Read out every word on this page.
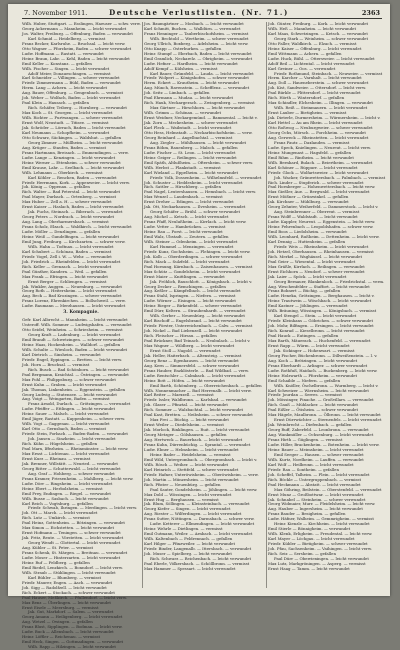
7. November 1911.	Deutsche Verlustlisten. (Nr. 71.)	2363
Wilh. Huber, Stuttgart. — Esslingen, Haeuser — schw. verw.
Georg Ackermann — Mannheim. — leicht verwundet
Jos. Walter, Freiburg. — Offenburg, Baden — verwundet
Karl Schmid — Heidelberg. — vermisst
Franz Becker, Karlsruhe. — Bruchsal. — leicht verw.
Otto Wagner — Pforzheim, Baden — schwer verwundet
Ludw. Hoffmann — Rastatt. — verwundet
Heinr. Braun, Lahr. — Kehl, Baden — leicht verwundet
Emil Keller — Konstanz. — gefallen
Wilh. Fischer — Singen. — leicht verwundet
Adolf Meier, Donaueschingen. — vermisst
Karl Schneider — Villingen. — schwer verwundet
Friedr. Zimmermann — Bühl, Baden — verwundet
Herm. Lang — Achern. — leicht verwundet
Aug. Bauer, Offenburg. — Gengenbach. — vermisst
Joh. Weber — Wolfach, Baden — leicht verwundet
Paul Klein — Hausach. — gefallen
Rich. Schäfer, Triberg. — Hornberg. — verwundet
Max Koch — St. Georgen. — leicht verwundet
Wilh. Richter — Furtwangen. — schwer verwundet
Ernst Wolf, Neustadt. — Titisee. — vermisst
Jak. Schröder — Lörrach, Baden — leicht verwundet
Karl Neumann — Schopfheim. — verwundet
Otto Schwarz, Säckingen. — Waldshut. — gefallen
Georg Zimmer — Müllheim. — leicht verwundet
Aug. Krüger — Staufen, Baden — vermisst
Franz Hartmann, Breisach. — Emmendingen. — verw.
Ludw. Lange — Kenzingen. — leicht verwundet
Heinr. Werner — Ettenheim. — schwer verwundet
Emil Krause, Lahr. — Seelbach. — leicht verwundet
Wilh. Lehmann — Oberkirch. — vermisst
Karl Köhler — Renchen, Baden — verwundet
Friedr. Herrmann, Kork. — Appenweier. — leicht verw.
Joh. König — Oppenau. — gefallen
Rich. Walter — Bad Peterstal. — leicht verwundet
Paul Mayer, Durbach. — Ortenberg. — vermisst
Max Huber — Zell a. H. — schwer verwundet
Ernst Kaiser — Haslach, Baden — leicht verwundet
Jak. Fuchs, Steinach. — Biberach. — verwundet
Georg Peters — Nordrach. — leicht verwundet
Aug. Lang — Oberharmersbach. — vermisst
Franz Scholz, Elzach. — Waldkirch. — leicht verwundet
Ludw. Möller — Denzlingen. — gefallen
Heinr. Weiß — Gundelfingen. — leicht verwundet
Emil Jung, Freiburg. — Kirchzarten. — schwer verw.
Wilh. Hahn — Todtnau. — leicht verwundet
Karl Schubert — Schönau, Baden — vermisst
Friedr. Vogel, Zell i. W. — Wehr. — verwundet
Joh. Friedrich — Rheinfelden. — leicht verwundet
Rich. Keller — Grenzach. — leicht verwundet
Paul Günther, Kandern. — Weil. — gefallen
Max Frank — Efringen. — leicht verwundet
Ernst Berger — Schliengen. — vermisst
Jak. Winkler, Auggen. — Neuenburg. — verwundet
Georg Roth — Heitersheim. — leicht verwundet
Aug. Beck — Bad Krozingen. — schwer verwundet
Franz Lorenz, Ehrenkirchen. — Bollschweil. — verw.
Ludw. Baumann — Merzhausen. — leicht verwundet
3. Kompagnie.
Gefr. Karl Albrecht — Mannheim. — leicht verwundet
Unteroff. Wilh. Sommer — Ludwigshafen. — verwundet
Otto Seidel, Weinheim. — Schriesheim. — vermisst
Georg Kraft — Ladenburg. — leicht verwundet
Emil Brandt — Schwetzingen. — schwer verwundet
Heinr. Haas, Hockenheim. — Walldorf. — gefallen
Wilh. Schulte — Wiesloch, Baden — leicht verwundet
Karl Dietrich — Sinsheim. — verwundet
Friedr. Engel, Eppingen. — Bretten. — leicht verw.
Joh. Horn — Bruchsal. — vermisst
Rich. Busch — Bad Schönborn. — leicht verwundet
Paul Bergmann, Kraichtal. — Östringen. — verwundet
Max Pohl — Philippsburg. — schwer verwundet
Ernst Kuhn — Graben. — leicht verwundet
Jak. Thomas, Linkenheim. — Eggenstein. — gefallen
Georg Ludwig — Stutensee. — leicht verwundet
Aug. Voigt — Weingarten, Baden — vermisst
Franz Arnold, Durlach. — Grötzingen. — verwundet
Ludw. Pfeiffer — Ettlingen. — leicht verwundet
Heinr. Sauer — Malsch. — leicht verwundet
Emil Jäger, Rastatt. — Kuppenheim. — schwer verw.
Wilh. Vogt — Gaggenau. — leicht verwundet
Karl Otto — Gernsbach, Baden — vermisst
Friedr. Stein, Forbach. — Baden-Baden. — verwundet
Joh. Jansen — Sinzheim. — leicht verwundet
Rich. Kühn — Hügelsheim. — gefallen
Paul Marx, Iffezheim. — Rheinmünster. — leicht verw.
Max Ernst — Lichtenau. — leicht verwundet
Ernst Kurz — Rheinau. — vermisst
Jak. Brenner, Willstätt. — Neuried. — verwundet
Georg Ritter — Schutterwald. — leicht verwundet
Aug. Graf — Hohberg. — schwer verwundet
Franz Kramer, Friesenheim. — Mahlberg. — leicht verw.
Ludw. Dörr — Ringsheim. — leicht verwundet
Heinr. Ebert — Herbolzheim. — vermisst
Emil Frey, Endingen. — Riegel. — verwundet
Wilh. Busse — Sasbach. — leicht verwundet
Karl Reich — Vogtsburg. — gefallen
Friedr. Schwab, Ihringen. — Merdingen. — leicht verw.
Joh. Ott — March. — leicht verwundet
Rich. Lutz — Umkirch. — vermisst
Paul Heinz, Gottenheim. — Bötzingen. — verwundet
Max Simon — Eichstetten. — leicht verwundet
Ernst Hofmann — Teningen. — schwer verwundet
Jak. Fritz, Reute. — Vörstetten. — leicht verwundet
Georg Wendt — Glottertal. — leicht verwundet
Aug. Kübler — St. Peter. — vermisst
Franz Schenk, St. Märgen. — Breitnau. — verwundet
Ludw. Moser — Hinterzarten. — leicht verwundet
Heinr. Ruf — Feldberg. — gefallen
Emil Riedel, Lenzkirch. — Bonndorf. — leicht verw.
Wilh. Straub — Stühlingen. — leicht verwundet
Karl Bühler — Blumberg. — vermisst
Friedr. Maurer, Engen. — Aach. — verwundet
Joh. Sigg — Radolfzell. — leicht verwundet
Rich. Eckert — Stockach. — schwer verwundet
Paul Hauser, Meßkirch. — Pfullendorf. — leicht verw.
Max Benz — Überlingen. — leicht verwundet
Ernst Eisele — Meersburg. — vermisst
Jak. Gut, Markdorf. — Salem. — verwundet
Georg Amann — Heiligenberg. — leicht verwundet
Aug. Wetzel — Owingen. — gefallen
Franz Blust, Sipplingen. — Bodman. — leicht verw.
Ludw. Buck — Allensbach. — leicht verwundet
Heinr. Löffler — Reichenau. — vermisst
Emil Heck, Singen. — Gottmadingen. — verwundet
Wilh. Rapp — Hilzingen. — leicht verwundet
Jos. Baumgärtner — Mosbach. — leicht verwundet
Karl Schmitt, Buchen. — Walldürn. — verwundet
Franz Henninger — Tauberbischofsheim. — vermisst
Wilh. Bechtold — Wertheim. — schwer verwundet
Georg Ullrich, Boxberg. — Adelsheim. — leicht verw.
Otto Knapp — Osterburken. — gefallen
Heinr. Stumpf — Eberbach, Baden — leicht verwundet
Emil Gramlich, Neckarelz. — Obrigheim. — verwundet
Ludw. Hefner — Hardheim. — leicht verwundet
Adolf Kempf — Külsheim. — vermisst
Karl Bauer, Grünsfeld. — Lauda. — leicht verwundet
Friedr. Wolpert — Königshofen. — schwer verwundet
Herm. Eckert — Krautheim. — leicht verwundet
Aug. Münch, Ravenstein. — Schefflenz. — verwundet
Joh. Seitz — Limbach. — gefallen
Paul Ehrmann — Mudau. — leicht verwundet
Rich. Hauk, Neckargerach. — Zwingenberg. — vermisst
Max Gärtner — Hirschhorn. — leicht verwundet
Wilh. Grimm — Schönau. — verwundet
Ernst Weidner, Neckargemünd. — Bammental. — leicht v.
Jak. Zorn — Meckesheim. — schwer verwundet
Karl Fleck — Waibstadt. — leicht verwundet
Otto Hess, Helmstadt. — Neckarbischofsheim. — verw.
Georg Reinhard — Angelbachtal. — vermisst
Aug. Ziegler — Mühlhausen. — leicht verwundet
Franz Böhm, Rauenberg. — Malsch. — gefallen
Ludw. Fischer — St. Leon. — leicht verwundet
Heinr. Geiger — Reilingen. — leicht verwundet
Emil Späth, Altlußheim. — Oftersheim. — schwer verw.
Wilh. Herbst — Plankstadt. — vermisst
Karl Wieland — Eppelheim. — leicht verwundet
Friedr. Volk, Dossenheim. — Wilhelmsfeld. — verwundet
Joh. Schuster — Heddesheim. — leicht verwundet
Rich. Sattler — Hirschberg. — gefallen
Paul Nagel, Leutershausen. — Hemsbach. — leicht verw.
Max Wenzel — Laudenbach. — vermisst
Ernst Dreher — Edingen. — leicht verwundet
Jak. Ott, Neckarhausen. — Ilvesheim. — verwundet
Georg Schäfer — Brühl. — schwer verwundet
Aug. Michel — Ketsch. — leicht verwundet
Franz Pfaff, Neulußheim. — Kirrlach. — leicht verw.
Ludw. Vetter — Hambrücken. — vermisst
Heinr. Rau — Forst. — leicht verwundet
Emil Walz, Ubstadt. — Zeutern. — gefallen
Wilh. Steiner — Odenheim. — leicht verwundet
Karl Hummel — Menzingen. — verwundet
Friedr. Kunz, Gochsheim. — Flehingen. — leicht verw.
Joh. Kolb — Oberderdingen. — schwer verwundet
Rich. Mack — Sulzfeld. — leicht verwundet
Paul Hornung, Kürnbach. — Zaisenhausen. — vermisst
Max Schütz — Gondelsheim. — leicht verwundet
Ernst Maier — Knittlingen. — verwundet
Jak. Fröhlich, Bauschlott. — Königsbach. — leicht v.
Georg Decker — Remchingen. — gefallen
Aug. Keßler — Kämpfelbach. — leicht verwundet
Franz Stahl, Ispringen. — Niefern. — vermisst
Ludw. Wörner — Eisingen. — leicht verwundet
Heinr. Rieger — Birkenfeld. — schwer verwundet
Emil Dürr, Keltern. — Straubenhardt. — verwundet
Wilh. Gerber — Neuenbürg. — leicht verwundet
Karl Bischoff — Engelsbrand. — leicht verwundet
Friedr. Förster, Unterreichenbach. — Calw. — vermisst
Joh. Nickel — Bad Liebenzell. — leicht verwundet
Rich. Fleischer — Hirsau. — gefallen
Paul Brückner, Bad Teinach. — Neubulach. — leicht v.
Max Wagner — Wildberg. — leicht verwundet
Ernst Stoll — Nagold. — verwundet
Jak. Heller, Haiterbach. — Altensteig. — vermisst
Georg Renz — Egenhausen. — leicht verwundet
Aug. Kern — Simmersfeld. — schwer verwundet
Franz Hauber, Enzklösterle. — Bad Wildbad. — verw.
Ludw. Rentschler — Calmbach. — leicht verwundet
Heinr. Bott — Höfen. — leicht verwundet
Emil Barth, Schömberg. — Oberreichenbach. — gefallen
Wilh. Nonnenmacher — Bad Herrenalb. — leicht verw.
Karl Reiter — Marxzell. — vermisst
Friedr. Issler, Waldbronn. — Karlsbad. — verwundet
Joh. Glaser — Pfinztal. — leicht verwundet
Rich. Sommer — Walzbachtal. — leicht verwundet
Paul Kast, Bretten. — Neibsheim. — schwer verwundet
Max Frei — Büchig. — leicht verwundet
Ernst Weiler — Diedelsheim. — vermisst
Jak. Morlock, Rinklingen. — Ruit. — leicht verwundet
Georg Metzger — Gölshausen. — gefallen
Aug. Hertweck — Bauerbach. — leicht verwundet
Franz Kuhn, Dürrenbüchig. — Sprantal. — verwundet
Ludw. Ebner — Helmsheim. — leicht verwundet
Heinr. Bader — Heidelsheim. — vermisst
Emil Wild, Untergrombach. — Obergrombach. — leicht v.
Wilh. Rösch — Weiher. — leicht verwundet
Karl Heinrich — Stettfeld. — schwer verwundet
Friedr. Hafner, Unteröwisheim. — Oberöwisheim. — verw.
Joh. Martin — Münzesheim. — leicht verwundet
Rich. Pfister — Neuenbürg. — gefallen
Paul Sauter, Gondelsheim. — Jöhlingen. — leicht verw.
Max Dold — Wössingen. — leicht verwundet
Ernst Hug — Berghausen. — vermisst
Jak. Blum, Söllingen. — Kleinsteinbach. — verwundet
Georg Kiefer — Singen. — leicht verwundet
Aug. Riester — Wilferdingen. — leicht verwundet
Franz Sutter, Nöttingen. — Darmsbach. — schwer verw.
Ludw. Ketterer — Ellmendingen. — leicht verwundet
Heinr. Wehrle — Dietlingen. — vermisst
Emil Gutmann, Weiler. — Arnbach. — leicht verwundet
Wilh. Kaltenbach — Feldrennach. — gefallen
Karl Hilger — Pfinzweiler. — leicht verwundet
Friedr. Binder, Langenalb. — Ittersbach. — verwundet
Joh. Muser — Spielberg. — leicht verwundet
Rich. Schwarz — Reichenbach. — leicht verwundet
Paul Eberle, Völkersbach. — Schöllbronn. — vermisst
Max Hammer — Spessart. — leicht verwundet
Joh. Günter, Freiburg. — Kork. — leicht verwundet
Wilh. Heß — Mannheim. — leicht verwundet
Karl Maas, Schwetzingen. — Ketsch. — verwundet
Georg Stark — Weinheim. — schwer verwundet
Otto Faller, Waldkirch. — Elzach. — vermisst
Heinr. Kaiser — Offenburg. — leicht verwundet
Emil Wittmann — Achern. — gefallen
Ludw. Huck, Bühl. — Ottersweier. — leicht verwundet
Adolf Beil — Lichtental. — leicht verwundet
Karl Greiner — Oos. — verwundet
Friedr. Rothmund, Steinbach. — Neuweier. — vermisst
Herm. Karcher — Varnhalt. — leicht verwundet
Aug. Doll — Haueneberstein. — schwer verwundet
Joh. Kist, Sandweier. — Ottersdorf. — leicht verw.
Paul Bürkle — Plittersdorf. — leicht verwundet
Rich. Hörth — Wintersdorf. — gefallen
Max Schindler, Elchesheim. — Illingen. — verwundet
Wilh. Reiß — Steinmauern. — leicht verwundet
Ernst Lauber — Bietigheim. — vermisst
Jak. Dieterle, Durmersheim. — Würmersheim. — leicht v.
Karl Hettel — Au am Rhein. — leicht verwundet
Otto Roßwog — Neuburgweier. — schwer verwundet
Georg Ochs, Mörsch. — Forchheim. — verwundet
Aug. Gerweck — Rheinstetten. — leicht verwundet
Franz Fautz — Daxlanden. — vermisst
Ludw. Speck, Knielingen. — Neureut. — leicht verw.
Heinr. Mungenast — Hagsfeld. — gefallen
Emil Rihm — Rintheim. — leicht verwundet
Wilh. Bernhard, Bulach. — Beiertheim. — verwundet
Karl Schöner — Rüppurr. — leicht verwundet
Friedr. Glock — Wolfartsweier. — leicht verwundet
Joh. Wacker, Grünwettersbach. — Palmbach. — vermisst
Rich. Linder — Stupferich. — schwer verwundet
Paul Hornberger — Hohenwettersbach. — leicht verw.
Max Gießler, Aue. — Bergwald. — leicht verwundet
Ernst Mößner — Grünwinkel. — gefallen
Jak. Kirchner — Mühlburg. — verwundet
Georg Zehnter, Weiherfeld. — Dammerstock. — leicht v.
Aug. Steinbrenner — Oberreut. — vermisst
Franz Wolff — Waldstadt. — leicht verwundet
Ludw. Kappler, Neureut. — Eggenstein. — leicht verw.
Heinr. Fehrenbach — Leopoldshafen. — schwer verw.
Emil Boos — Liedolsheim. — verwundet
Wilh. Leonhard, Rußheim. — Dettenheim. — leicht verw.
Karl Dennig — Huttenheim. — gefallen
Friedr. Weis — Rheinsheim. — leicht verwundet
Joh. Hetzel, Oberhausen. — Rheinhausen. — vermisst
Rich. Merkel — Waghäusel. — leicht verwundet
Paul Geier — Wiesental. — leicht verwundet
Max Gräßle, Kirrlach. — Reilingen. — verwundet
Ernst Eichhorn — Neudorf. — schwer verwundet
Jak. Laier — Spöck. — leicht verwundet
Georg Bernauer, Blankenloch. — Friedrichstal. — verm.
Aug. Weschenfelder — Staffort. — leicht verwundet
Franz Bohnert — Büchig. — gefallen
Ludw. Heneka, Grötzingen. — Berghausen. — leicht v.
Heinr. Trautwein — Wöschbach. — leicht verwundet
Emil Kastner — Jöhlingen. — verwundet
Wilh. Bräuning, Wössingen. — Königsbach. — vermisst
Karl Stengel — Stein. — leicht verwundet
Friedr. Kleinhans — Göbrichen. — schwer verwundet
Joh. Mohr, Bilfingen. — Ersingen. — leicht verwundet
Rich. Konrad — Kieselbronn. — leicht verwundet
Paul Hauck — Eutingen. — gefallen
Max Barth, Mäuerach. — Huchenfeld. — verwundet
Ernst Rapp — Würm. — leicht verwundet
Jak. Sickinger — Hohenwart. — vermisst
Georg Fischer, Büchenbronn. — Dillweißenstein. — l. v.
Aug. Koch — Brötzingen. — leicht verwundet
Franz Eberhardt — Arlinger. — schwer verwundet
Ludw. Rothfuß, Haidach. — Buckenberg. — leicht verw.
Heinr. Holzwarth — Pforzheim. — verwundet
Emil Schaible — Niefern. — gefallen
Wilh. Knöller, Öschelbronn. — Wurmberg. — leicht v.
Karl Schweizer — Wiernsheim. — leicht verwundet
Friedr. Jourdan — Serres. — vermisst
Joh. Mössinger, Pinache. — Großvillars. — verwundet
Rich. Gauß — Mühlacker. — leicht verwundet
Paul Eißler — Ötisheim. — schwer verwundet
Max Hägele, Maulbronn. — Ölbronn. — leicht verwundet
Ernst Dürrwächter — Sternenfels. — leicht verwundet
Jak. Weinbrecht — Diefenbach. — gefallen
Georg Ruff, Zaberfeld. — Leonbronn. — verwundet
Aug. Wankmüller — Ochsenburg. — leicht verwundet
Franz Hirth — Güglingen. — vermisst
Ludw. Hiller, Brackenheim. — Botenheim. — leicht verw.
Heinr. Bauer — Meimsheim. — leicht verwundet
Emil Seeger — Hausen. — schwer verwundet
Wilh. Kurtz, Nordheim. — Lauffen. — verwundet
Karl Wolf — Heilbronn. — leicht verwundet
Friedr. Rau — Sontheim. — gefallen
Joh. Scheffel, Talheim. — Flein. — leicht verwundet
Rich. Böckle — Untergruppenbach. — vermisst
Paul Heckmann — Abstatt. — leicht verwundet
Max Göhring, Beilstein. — Oberstenfeld. — verwundet
Ernst Munz — Großbottwar. — leicht verwundet
Jak. Schnabel — Steinheim. — schwer verwundet
Georg Widmaier, Murr. — Pleidelsheim. — leicht verw.
Aug. Hauber — Ingersheim. — leicht verwundet
Franz Bauder — Besigheim. — gefallen
Ludw. Häfner, Walheim. — Gemmrigheim. — vermisst
Heinr. Kienzle — Kirchheim. — leicht verwundet
Emil Stierle — Bönnigheim. — verwundet
Wilh. Klenk, Erligheim. — Freudental. — leicht verw.
Karl Mayer — Löchgau. — leicht verwundet
Friedr. Kübler — Bietigheim. — schwer verwundet
Joh. Pfau, Sachsenheim. — Vaihingen. — leicht verw.
Rich. Seiz — Sersheim. — gefallen
Paul Dürr — Oberriexingen. — leicht verwundet
Max Lutz, Markgröningen. — Asperg. — vermisst
Ernst Haag — Tamm. — leicht verwundet
